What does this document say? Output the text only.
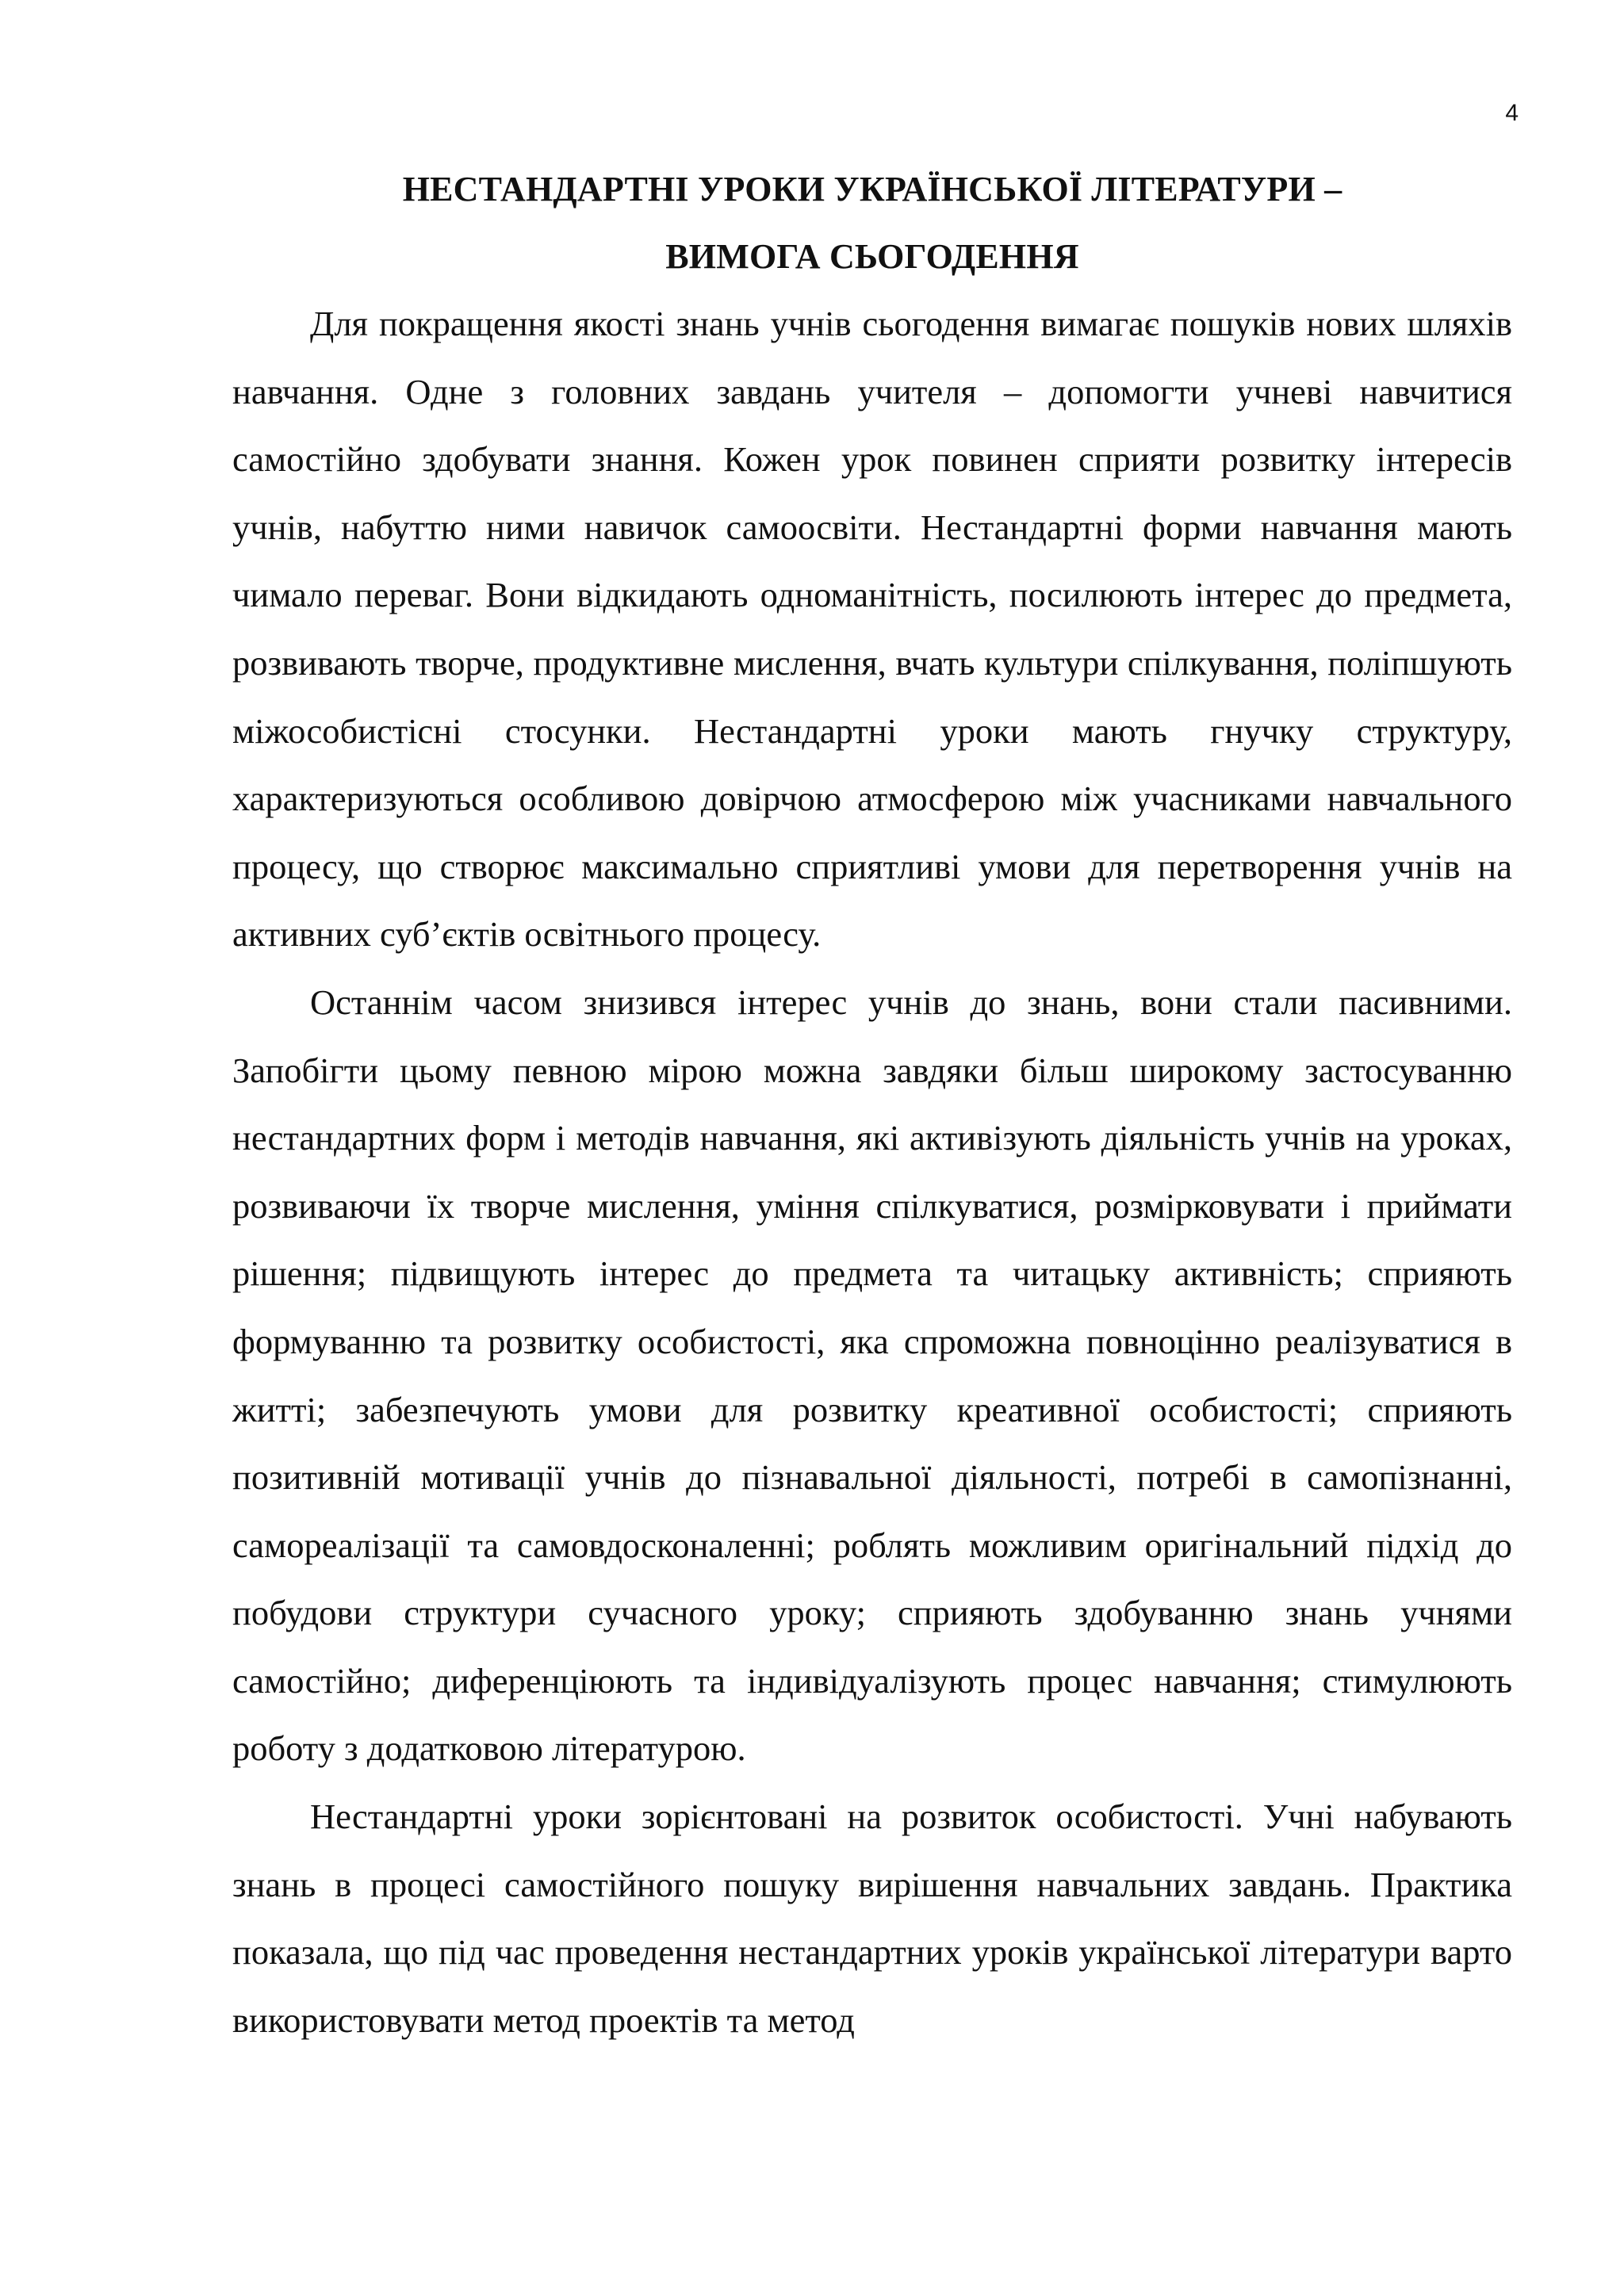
4
НЕСТАНДАРТНІ УРОКИ УКРАЇНСЬКОЇ ЛІТЕРАТУРИ –
ВИМОГА СЬОГОДЕННЯ

Для покращення якості знань учнів сьогодення вимагає пошуків нових шляхів навчання. Одне з головних завдань учителя – допомогти учневі навчитися самостійно здобувати знання. Кожен урок повинен сприяти розвитку інтересів учнів, набуттю ними навичок самоосвіти. Нестандартні форми навчання мають чимало переваг. Вони відкидають одноманітність, посилюють інтерес до предмета, розвивають творче, продуктивне мислення, вчать культури спілкування, поліпшують міжособистісні стосунки. Нестандартні уроки мають гнучку структуру, характеризуються особливою довірчою атмосферою між учасниками навчального процесу, що створює максимально сприятливі умови для перетворення учнів на активних суб’єктів освітнього процесу.

Останнім часом знизився інтерес учнів до знань, вони стали пасивними. Запобігти цьому певною мірою можна завдяки більш широкому застосуванню нестандартних форм і методів навчання, які активізують діяльність учнів на уроках, розвиваючи їх творче мислення, уміння спілкуватися, розмірковувати і приймати рішення; підвищують інтерес до предмета та читацьку активність; сприяють формуванню та розвитку особистості, яка спроможна повноцінно реалізуватися в житті; забезпечують умови для розвитку креативної особистості; сприяють позитивній мотивації учнів до пізнавальної діяльності, потребі в самопізнанні, самореалізації та самовдосконаленні; роблять можливим оригінальний підхід до побудови структури сучасного уроку; сприяють здобуванню знань учнями самостійно; диференціюють та індивідуалізують процес навчання; стимулюють роботу з додатковою літературою.

Нестандартні уроки зорієнтовані на розвиток особистості. Учні набувають знань в процесі самостійного пошуку вирішення навчальних завдань. Практика показала, що під час проведення нестандартних уроків української літератури варто використовувати метод проектів та метод
